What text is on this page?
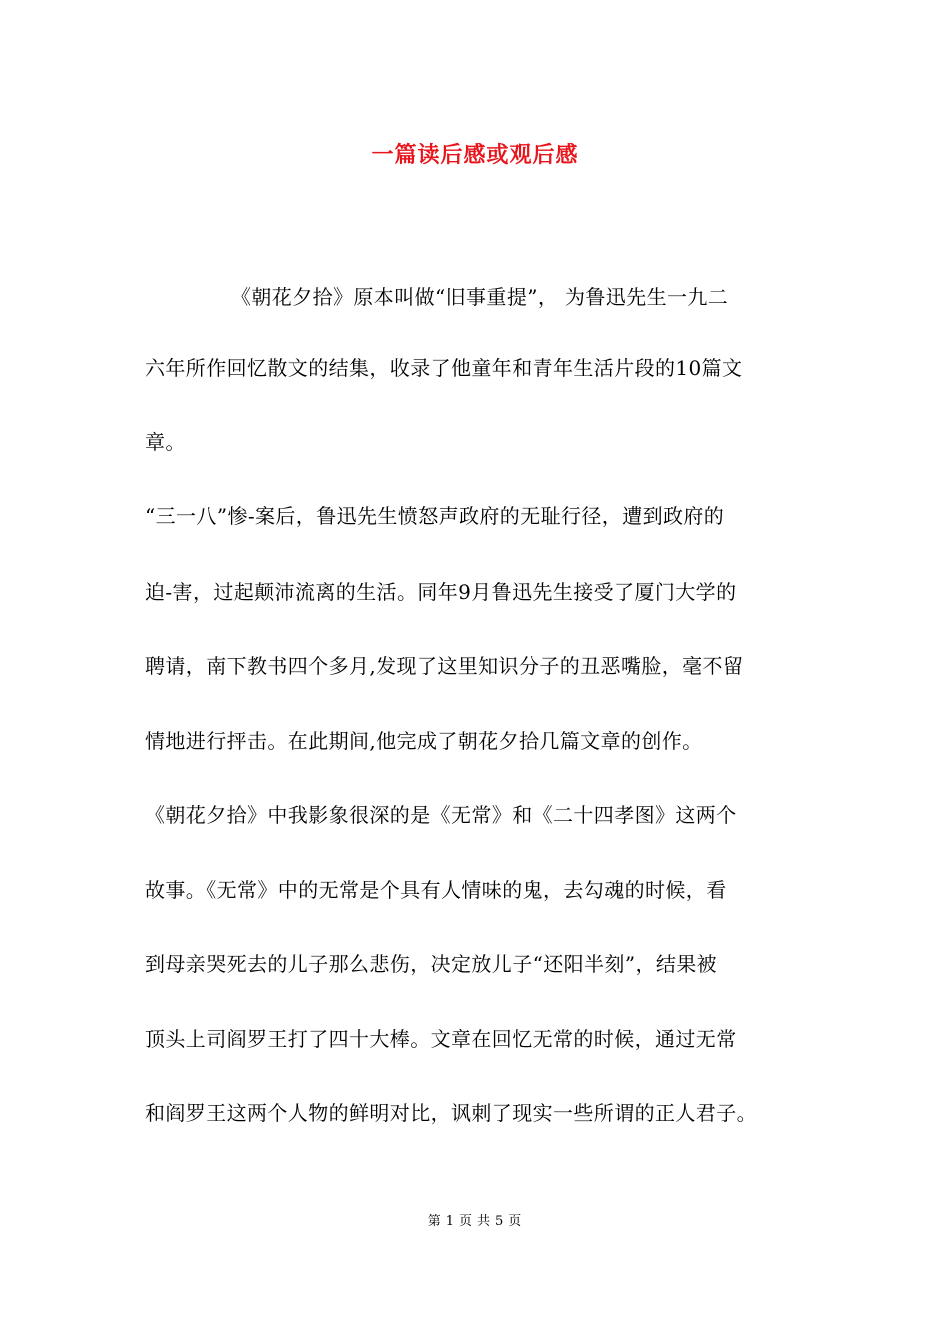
一篇读后感或观后感
《朝花夕拾》原本叫做“旧事重提”， 为鲁迅先生一九二
六年所作回忆散文的结集，收录了他童年和青年生活片段的10篇文
章。
“三一八”惨-案后，鲁迅先生愤怒声政府的无耻行径，遭到政府的
迫-害，过起颠沛流离的生活。同年9月鲁迅先生接受了厦门大学的
聘请，南下教书四个多月,发现了这里知识分子的丑恶嘴脸，毫不留
情地进行抨击。在此期间,他完成了朝花夕拾几篇文章的创作。
《朝花夕拾》中我影象很深的是《无常》和《二十四孝图》这两个
故事。《无常》中的无常是个具有人情味的鬼，去勾魂的时候，看
到母亲哭死去的儿子那么悲伤，决定放儿子“还阳半刻”，结果被
顶头上司阎罗王打了四十大棒。文章在回忆无常的时候，通过无常
和阎罗王这两个人物的鲜明对比，讽刺了现实一些所谓的正人君子。
第 1 页 共 5 页
